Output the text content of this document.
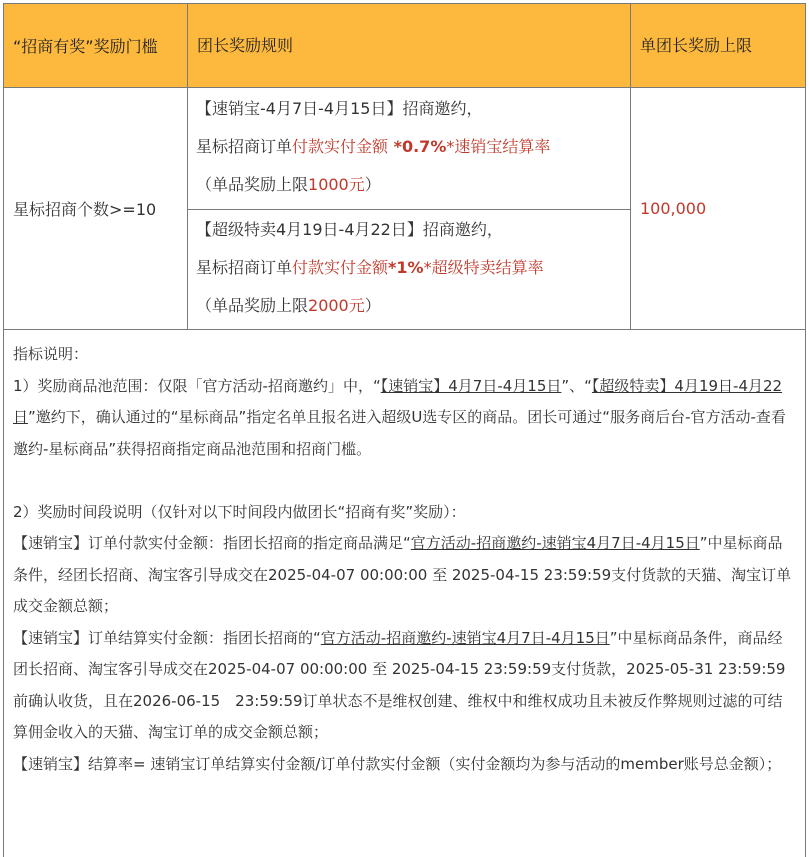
“招商有奖”奖励门槛	团长奖励规则	单团长奖励上限
星标招商个数>=10
【速销宝-4月7日-4月15日】招商邀约，
星标招商订单付款实付金额 *0.7%*速销宝结算率
（单品奖励上限1000元）
【超级特卖4月19日-4月22日】招商邀约，
星标招商订单付款实付金额*1%*超级特卖结算率
（单品奖励上限2000元）
100,000

指标说明：

1）奖励商品池范围：仅限「官方活动-招商邀约」中，“【速销宝】4月7日-4月15日”、“【超级特卖】4月19日-4月22日”邀约下，确认通过的“星标商品”指定名单且报名进入超级U选专区的商品。团长可通过“服务商后台-官方活动-查看邀约-星标商品”获得招商指定商品池范围和招商门槛。

2）奖励时间段说明（仅针对以下时间段内做团长“招商有奖”奖励）：

【速销宝】订单付款实付金额：指团长招商的指定商品满足“官方活动-招商邀约-速销宝4月7日-4月15日”中星标商品条件，经团长招商、淘宝客引导成交在2025-04-07 00:00:00 至 2025-04-15 23:59:59支付货款的天猫、淘宝订单成交金额总额；

【速销宝】订单结算实付金额：指团长招商的“官方活动-招商邀约-速销宝4月7日-4月15日”中星标商品条件，商品经团长招商、淘宝客引导成交在2025-04-07 00:00:00 至 2025-04-15 23:59:59支付货款，2025-05-31 23:59:59前确认收货，且在2026-06-15　23:59:59订单状态不是维权创建、维权中和维权成功且未被反作弊规则过滤的可结算佣金收入的天猫、淘宝订单的成交金额总额；

【速销宝】结算率= 速销宝订单结算实付金额/订单付款实付金额（实付金额均为参与活动的member账号总金额）；
